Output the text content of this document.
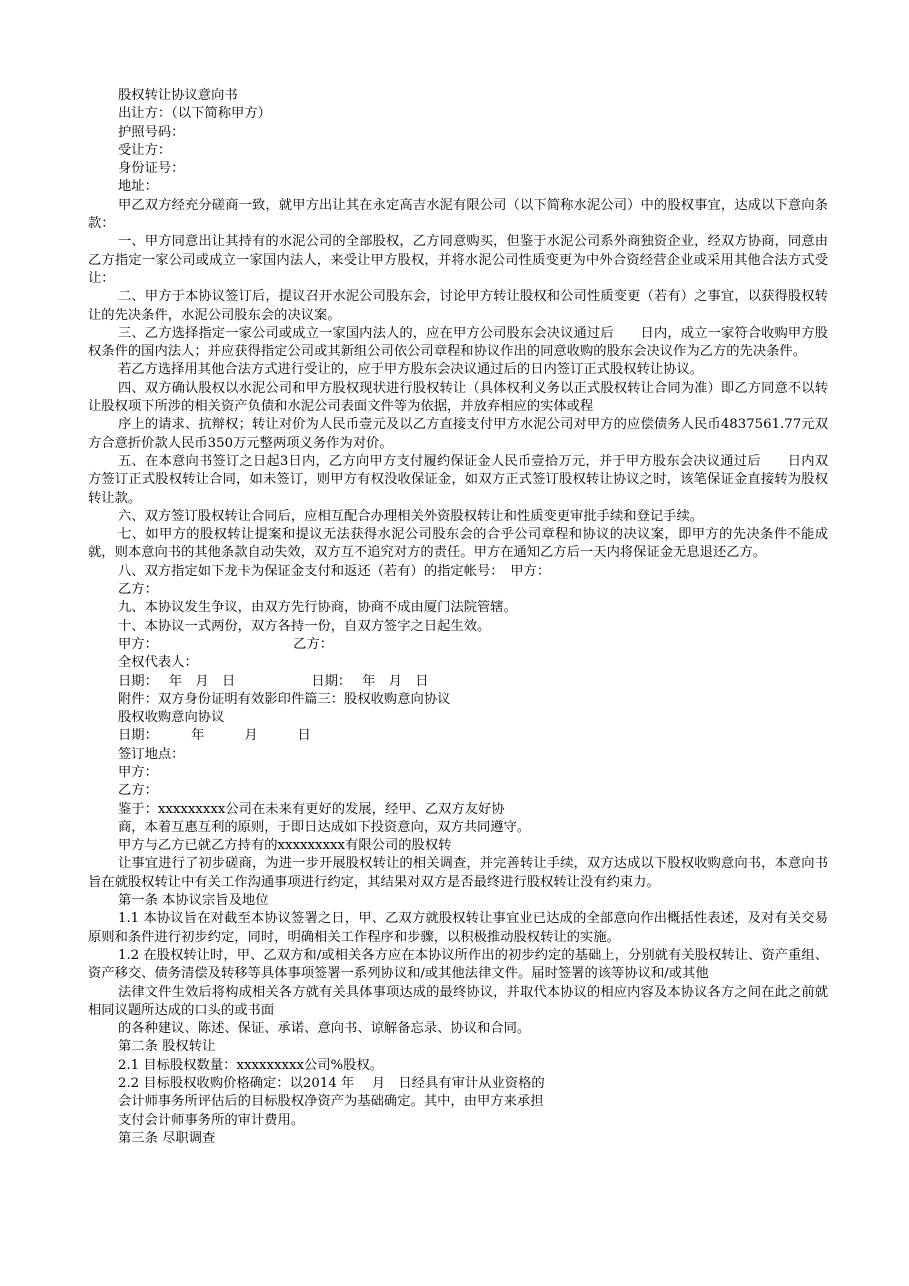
股权转让协议意向书
出让方：（以下简称甲方）
护照号码：
受让方：
身份证号：
地址：
甲乙双方经充分磋商一致，就甲方出让其在永定高吉水泥有限公司（以下简称水泥公司）中的股权事宜，达成以下意向条款：
一、甲方同意出让其持有的水泥公司的全部股权，乙方同意购买，但鉴于水泥公司系外商独资企业，经双方协商，同意由乙方指定一家公司或成立一家国内法人，来受让甲方股权，并将水泥公司性质变更为中外合资经营企业或采用其他合法方式受让：
二、甲方于本协议签订后，提议召开水泥公司股东会，讨论甲方转让股权和公司性质变更（若有）之事宜，以获得股权转让的先决条件，水泥公司股东会的决议案。
三、乙方选择指定一家公司或成立一家国内法人的，应在甲方公司股东会决议通过后　　日内，成立一家符合收购甲方股权条件的国内法人；并应获得指定公司或其新组公司依公司章程和协议作出的同意收购的股东会决议作为乙方的先决条件。
若乙方选择用其他合法方式进行受让的，应于甲方股东会决议通过后的日内签订正式股权转让协议。
四、双方确认股权以水泥公司和甲方股权现状进行股权转让（具体权利义务以正式股权转让合同为准）即乙方同意不以转让股权项下所涉的相关资产负债和水泥公司表面文件等为依据，并放弃相应的实体或程
序上的请求、抗辩权；转让对价为人民币壹元及以乙方直接支付甲方水泥公司对甲方的应偿债务人民币4837561.77元双方合意折价款人民币350万元整两项义务作为对价。
五、在本意向书签订之日起3日内，乙方向甲方支付履约保证金人民币壹拾万元，并于甲方股东会决议通过后　　日内双方签订正式股权转让合同，如未签订，则甲方有权没收保证金，如双方正式签订股权转让协议之时，该笔保证金直接转为股权转让款。
六、双方签订股权转让合同后，应相互配合办理相关外资股权转让和性质变更审批手续和登记手续。
七、如甲方的股权转让提案和提议无法获得水泥公司股东会的合乎公司章程和协议的决议案，即甲方的先决条件不能成就，则本意向书的其他条款自动失效，双方互不追究对方的责任。甲方在通知乙方后一天内将保证金无息退还乙方。
八、双方指定如下龙卡为保证金支付和返还（若有）的指定帐号：　甲方：
乙方：
九、本协议发生争议，由双方先行协商，协商不成由厦门法院管辖。
十、本协议一式两份，双方各持一份，自双方签字之日起生效。
甲方：                                乙方：
全权代表人：
日期：　 年　月　日                  日期：　 年　月　日
附件：双方身份证明有效影印件篇三：股权收购意向协议
股权收购意向协议
日期：　　　年　　　月　　　日
签订地点：
甲方：
乙方：
鉴于：xxxxxxxxx公司在未来有更好的发展，经甲、乙双方友好协
商，本着互惠互利的原则，于即日达成如下投资意向，双方共同遵守。
甲方与乙方已就乙方持有的xxxxxxxxx有限公司的股权转
让事宜进行了初步磋商，为进一步开展股权转让的相关调查，并完善转让手续，双方达成以下股权收购意向书，本意向书旨在就股权转让中有关工作沟通事项进行约定，其结果对双方是否最终进行股权转让没有约束力。
第一条 本协议宗旨及地位
1.1 本协议旨在对截至本协议签署之日，甲、乙双方就股权转让事宜业已达成的全部意向作出概括性表述，及对有关交易原则和条件进行初步约定，同时，明确相关工作程序和步骤，以积极推动股权转让的实施。
1.2 在股权转让时，甲、乙双方和/或相关各方应在本协议所作出的初步约定的基础上，分别就有关股权转让、资产重组、资产移交、债务清偿及转移等具体事项签署一系列协议和/或其他法律文件。届时签署的该等协议和/或其他
法律文件生效后将构成相关各方就有关具体事项达成的最终协议，并取代本协议的相应内容及本协议各方之间在此之前就相同议题所达成的口头的或书面
的各种建议、陈述、保证、承诺、意向书、谅解备忘录、协议和合同。
第二条 股权转让
2.1 目标股权数量：xxxxxxxxx公司%股权。
2.2 目标股权收购价格确定：以2014 年　 月　日经具有审计从业资格的
会计师事务所评估后的目标股权净资产为基础确定。其中，由甲方来承担
支付会计师事务所的审计费用。
第三条 尽职调查
